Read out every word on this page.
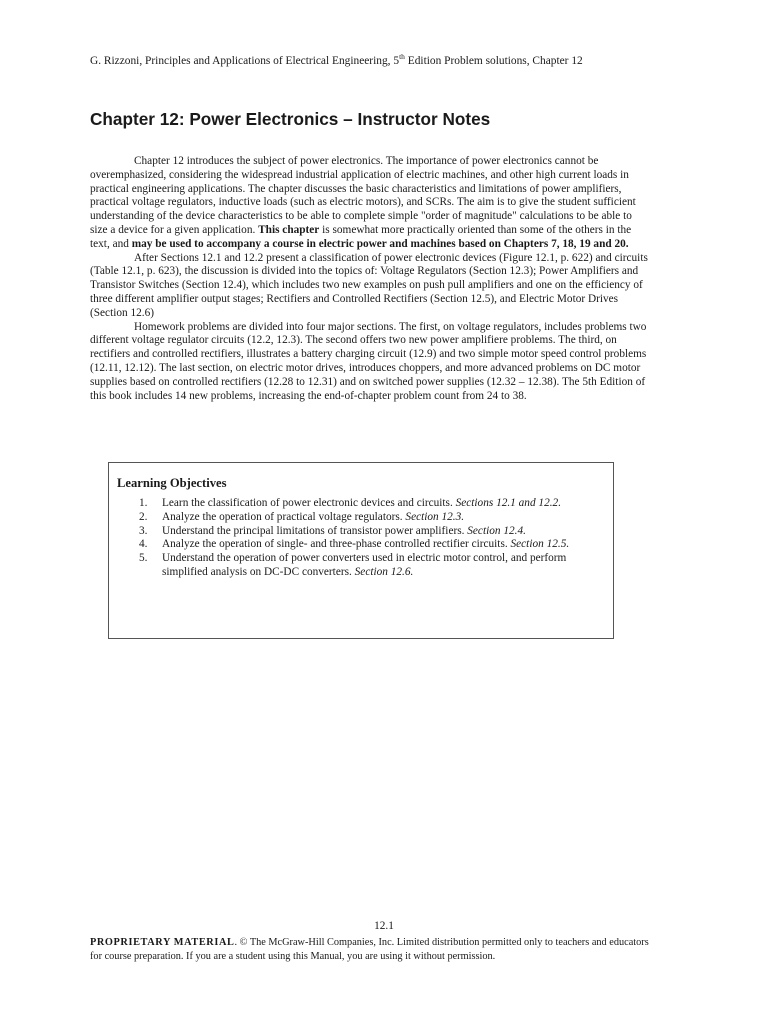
G. Rizzoni, Principles and Applications of Electrical Engineering, 5th Edition Problem solutions, Chapter 12
Chapter 12: Power Electronics – Instructor Notes

Chapter 12 introduces the subject of power electronics. The importance of power electronics cannot be overemphasized, considering the widespread industrial application of electric machines, and other high current loads in practical engineering applications. The chapter discusses the basic characteristics and limitations of power amplifiers, practical voltage regulators, inductive loads (such as electric motors), and SCRs. The aim is to give the student sufficient understanding of the device characteristics to be able to complete simple "order of magnitude" calculations to be able to size a device for a given application. This chapter is somewhat more practically oriented than some of the others in the text, and may be used to accompany a course in electric power and machines based on Chapters 7, 18, 19 and 20.

After Sections 12.1 and 12.2 present a classification of power electronic devices (Figure 12.1, p. 622) and circuits (Table 12.1, p. 623), the discussion is divided into the topics of: Voltage Regulators (Section 12.3); Power Amplifiers and Transistor Switches (Section 12.4), which includes two new examples on push pull amplifiers and one on the efficiency of three different amplifier output stages; Rectifiers and Controlled Rectifiers (Section 12.5), and Electric Motor Drives (Section 12.6)

Homework problems are divided into four major sections. The first, on voltage regulators, includes problems two different voltage regulator circuits (12.2, 12.3). The second offers two new power amplifiere problems. The third, on rectifiers and controlled rectifiers, illustrates a battery charging circuit (12.9) and two simple motor speed control problems (12.11, 12.12). The last section, on electric motor drives, introduces choppers, and more advanced problems on DC motor supplies based on controlled rectifiers (12.28 to 12.31) and on switched power supplies (12.32 – 12.38). The 5th Edition of this book includes 14 new problems, increasing the end-of-chapter problem count from 24 to 38.

Learning Objectives
1. Learn the classification of power electronic devices and circuits. Sections 12.1 and 12.2.
2. Analyze the operation of practical voltage regulators. Section 12.3.
3. Understand the principal limitations of transistor power amplifiers. Section 12.4.
4. Analyze the operation of single- and three-phase controlled rectifier circuits. Section 12.5.
5. Understand the operation of power converters used in electric motor control, and perform simplified analysis on DC-DC converters. Section 12.6.
12.1
PROPRIETARY MATERIAL. © The McGraw-Hill Companies, Inc. Limited distribution permitted only to teachers and educators for course preparation. If you are a student using this Manual, you are using it without permission.
